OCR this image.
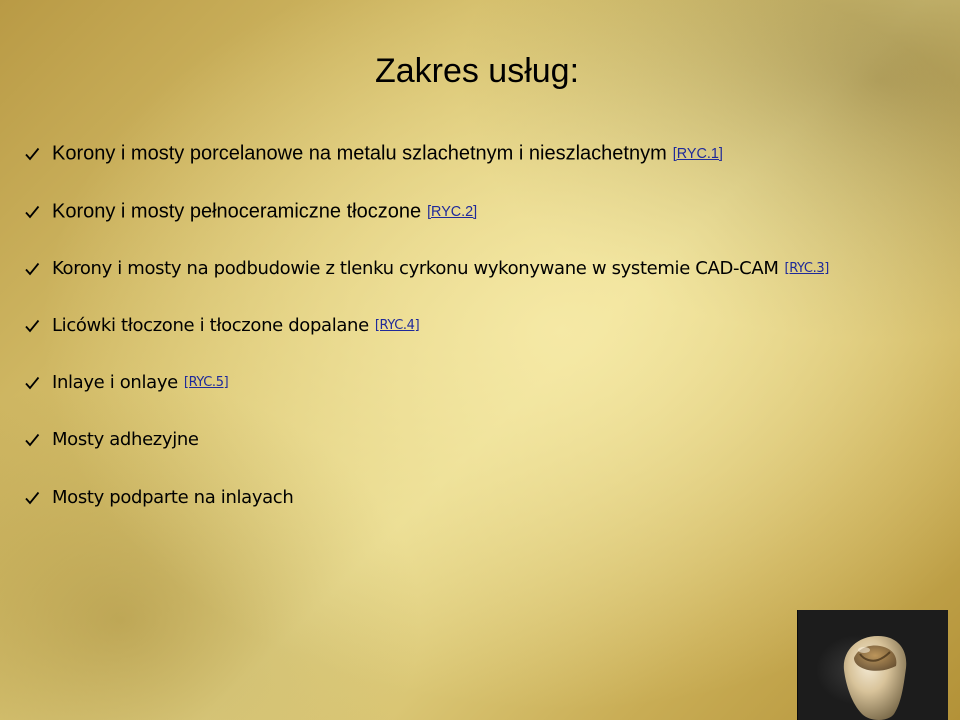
Zakres usług:
Korony i mosty porcelanowe na metalu szlachetnym i nieszlachetnym [RYC.1]
Korony i mosty pełnoceramiczne tłoczone [RYC.2]
Korony i mosty na podbudowie z tlenku cyrkonu wykonywane w systemie CAD-CAM [RYC.3]
Licówki tłoczone i tłoczone dopalane [RYC.4]
Inlaye i onlaye [RYC.5]
Mosty adhezyjne
Mosty podparte na inlayach
